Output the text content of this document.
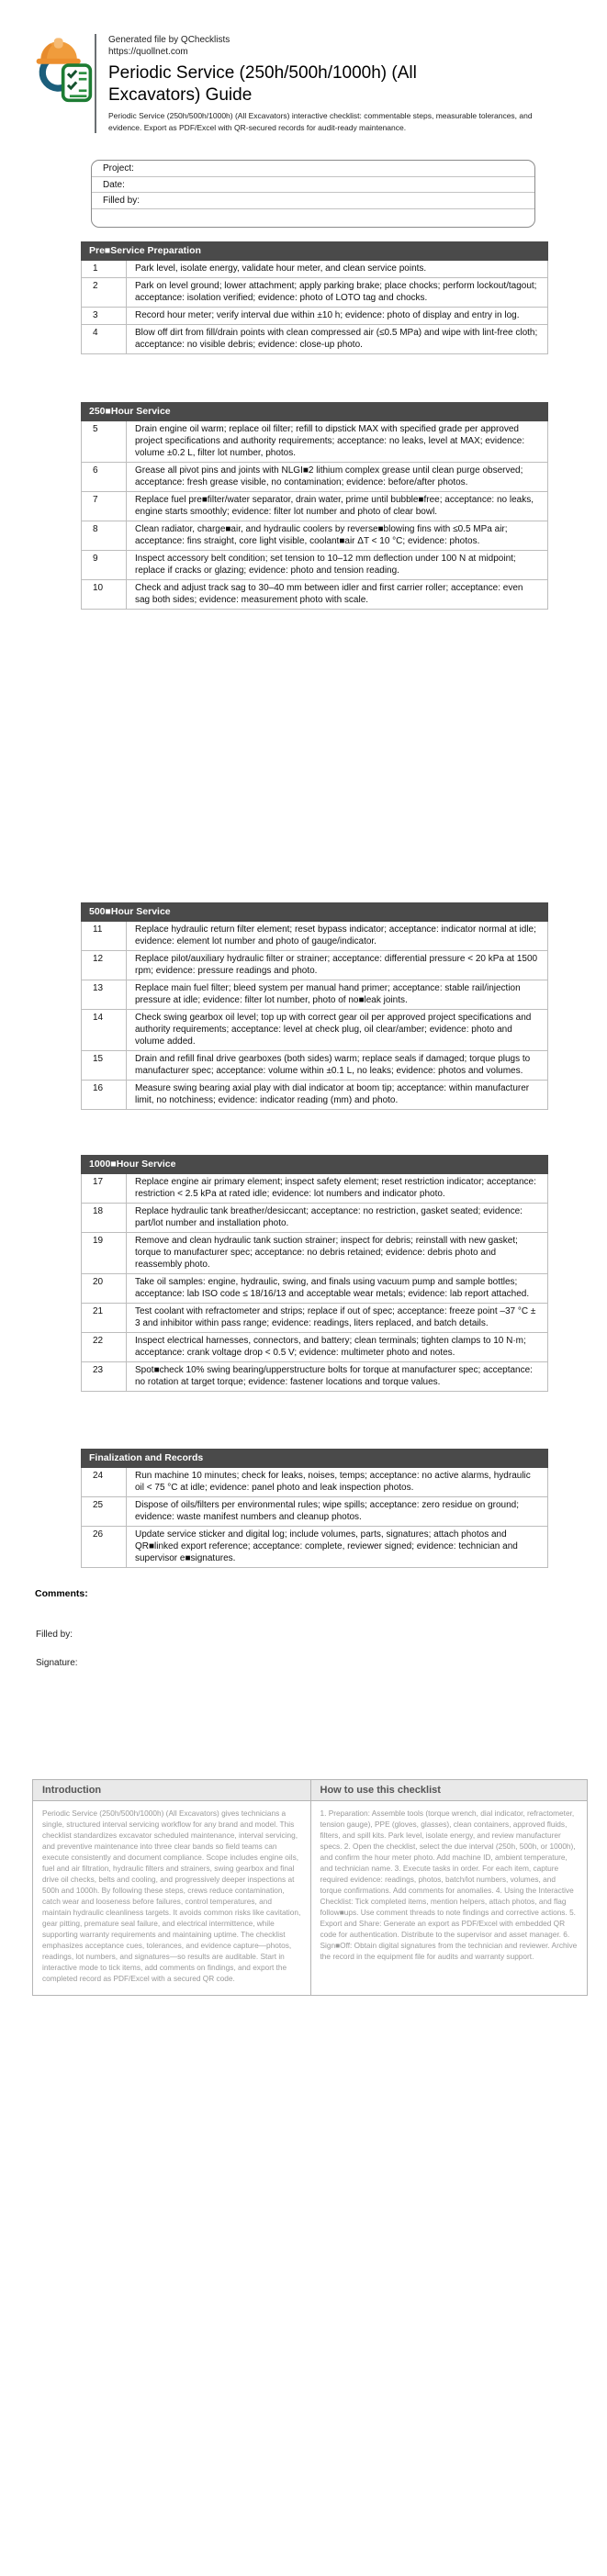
Generated file by QChecklists
https://quollnet.com
Periodic Service (250h/500h/1000h) (All Excavators) Guide
Periodic Service (250h/500h/1000h) (All Excavators) interactive checklist: commentable steps, measurable tolerances, and evidence. Export as PDF/Excel with QR-secured records for audit-ready maintenance.
Project:
Date:
Filled by:
Pre■Service Preparation	
1	Park level, isolate energy, validate hour meter, and clean service points.
2	Park on level ground; lower attachment; apply parking brake; place chocks; perform lockout/tagout; acceptance: isolation verified; evidence: photo of LOTO tag and chocks.
3	Record hour meter; verify interval due within ±10 h; evidence: photo of display and entry in log.
4	Blow off dirt from fill/drain points with clean compressed air (≤0.5 MPa) and wipe with lint-free cloth; acceptance: no visible debris; evidence: close-up photo.
250■Hour Service	
5	Drain engine oil warm; replace oil filter; refill to dipstick MAX with specified grade per approved project specifications and authority requirements; acceptance: no leaks, level at MAX; evidence: volume ±0.2 L, filter lot number, photos.
6	Grease all pivot pins and joints with NLGI■2 lithium complex grease until clean purge observed; acceptance: fresh grease visible, no contamination; evidence: before/after photos.
7	Replace fuel pre■filter/water separator, drain water, prime until bubble■free; acceptance: no leaks, engine starts smoothly; evidence: filter lot number and photo of clear bowl.
8	Clean radiator, charge■air, and hydraulic coolers by reverse■blowing fins with ≤0.5 MPa air; acceptance: fins straight, core light visible, coolant■air ΔT < 10 °C; evidence: photos.
9	Inspect accessory belt condition; set tension to 10–12 mm deflection under 100 N at midpoint; replace if cracks or glazing; evidence: photo and tension reading.
10	Check and adjust track sag to 30–40 mm between idler and first carrier roller; acceptance: even sag both sides; evidence: measurement photo with scale.
500■Hour Service	
11	Replace hydraulic return filter element; reset bypass indicator; acceptance: indicator normal at idle; evidence: element lot number and photo of gauge/indicator.
12	Replace pilot/auxiliary hydraulic filter or strainer; acceptance: differential pressure < 20 kPa at 1500 rpm; evidence: pressure readings and photo.
13	Replace main fuel filter; bleed system per manual hand primer; acceptance: stable rail/injection pressure at idle; evidence: filter lot number, photo of no■leak joints.
14	Check swing gearbox oil level; top up with correct gear oil per approved project specifications and authority requirements; acceptance: level at check plug, oil clear/amber; evidence: photo and volume added.
15	Drain and refill final drive gearboxes (both sides) warm; replace seals if damaged; torque plugs to manufacturer spec; acceptance: volume within ±0.1 L, no leaks; evidence: photos and volumes.
16	Measure swing bearing axial play with dial indicator at boom tip; acceptance: within manufacturer limit, no notchiness; evidence: indicator reading (mm) and photo.
1000■Hour Service	
17	Replace engine air primary element; inspect safety element; reset restriction indicator; acceptance: restriction < 2.5 kPa at rated idle; evidence: lot numbers and indicator photo.
18	Replace hydraulic tank breather/desiccant; acceptance: no restriction, gasket seated; evidence: part/lot number and installation photo.
19	Remove and clean hydraulic tank suction strainer; inspect for debris; reinstall with new gasket; torque to manufacturer spec; acceptance: no debris retained; evidence: debris photo and reassembly photo.
20	Take oil samples: engine, hydraulic, swing, and finals using vacuum pump and sample bottles; acceptance: lab ISO code ≤ 18/16/13 and acceptable wear metals; evidence: lab report attached.
21	Test coolant with refractometer and strips; replace if out of spec; acceptance: freeze point –37 °C ± 3 and inhibitor within pass range; evidence: readings, liters replaced, and batch details.
22	Inspect electrical harnesses, connectors, and battery; clean terminals; tighten clamps to 10 N·m; acceptance: crank voltage drop < 0.5 V; evidence: multimeter photo and notes.
23	Spot■check 10% swing bearing/upperstructure bolts for torque at manufacturer spec; acceptance: no rotation at target torque; evidence: fastener locations and torque values.
Finalization and Records	
24	Run machine 10 minutes; check for leaks, noises, temps; acceptance: no active alarms, hydraulic oil < 75 °C at idle; evidence: panel photo and leak inspection photos.
25	Dispose of oils/filters per environmental rules; wipe spills; acceptance: zero residue on ground; evidence: waste manifest numbers and cleanup photos.
26	Update service sticker and digital log; include volumes, parts, signatures; attach photos and QR■linked export reference; acceptance: complete, reviewer signed; evidence: technician and supervisor e■signatures.
Comments:
Filled by:
Signature:
Introduction
Periodic Service (250h/500h/1000h) (All Excavators) gives technicians a single, structured interval servicing workflow for any brand and model. This checklist standardizes excavator scheduled maintenance, interval servicing, and preventive maintenance into three clear bands so field teams can execute consistently and document compliance. Scope includes engine oils, fuel and air filtration, hydraulic filters and strainers, swing gearbox and final drive oil checks, belts and cooling, and progressively deeper inspections at 500h and 1000h. By following these steps, crews reduce contamination, catch wear and looseness before failures, control temperatures, and maintain hydraulic cleanliness targets. It avoids common risks like cavitation, gear pitting, premature seal failure, and electrical intermittence, while supporting warranty requirements and maintaining uptime. The checklist emphasizes acceptance cues, tolerances, and evidence capture—photos, readings, lot numbers, and signatures—so results are auditable. Start in interactive mode to tick items, add comments on findings, and export the completed record as PDF/Excel with a secured QR code.
How to use this checklist
1. Preparation: Assemble tools (torque wrench, dial indicator, refractometer, tension gauge), PPE (gloves, glasses), clean containers, approved fluids, filters, and spill kits. Park level, isolate energy, and review manufacturer specs. 2. Open the checklist, select the due interval (250h, 500h, or 1000h), and confirm the hour meter photo. Add machine ID, ambient temperature, and technician name. 3. Execute tasks in order. For each item, capture required evidence: readings, photos, batch/lot numbers, volumes, and torque confirmations. Add comments for anomalies. 4. Using the Interactive Checklist: Tick completed items, mention helpers, attach photos, and flag follow■ups. Use comment threads to note findings and corrective actions. 5. Export and Share: Generate an export as PDF/Excel with embedded QR code for authentication. Distribute to the supervisor and asset manager. 6. Sign■Off: Obtain digital signatures from the technician and reviewer. Archive the record in the equipment file for audits and warranty support.
